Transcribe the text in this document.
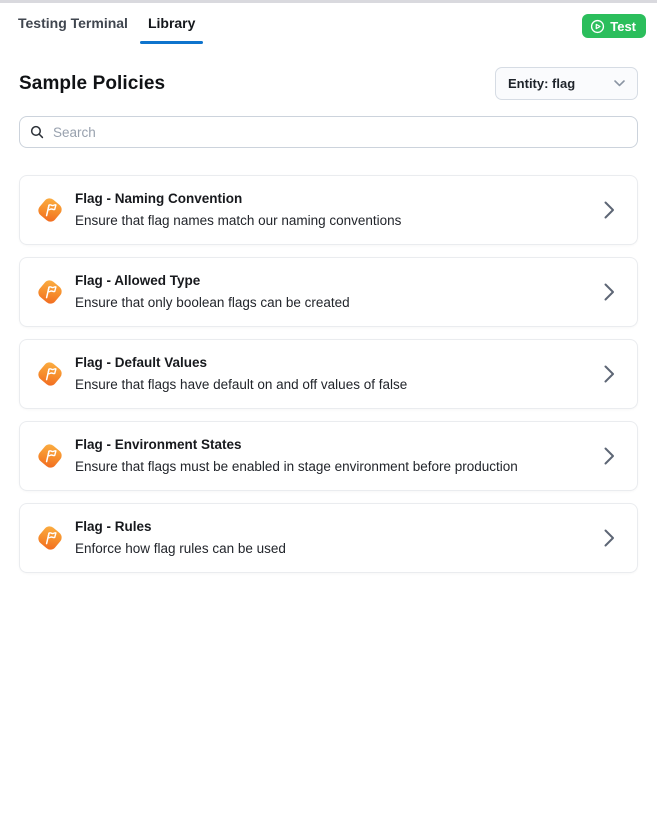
Testing Terminal	Library	Test
Sample Policies	Entity: flag
Search
Flag - Naming Convention
Ensure that flag names match our naming conventions
Flag - Allowed Type
Ensure that only boolean flags can be created
Flag - Default Values
Ensure that flags have default on and off values of false
Flag - Environment States
Ensure that flags must be enabled in stage environment before production
Flag - Rules
Enforce how flag rules can be used
